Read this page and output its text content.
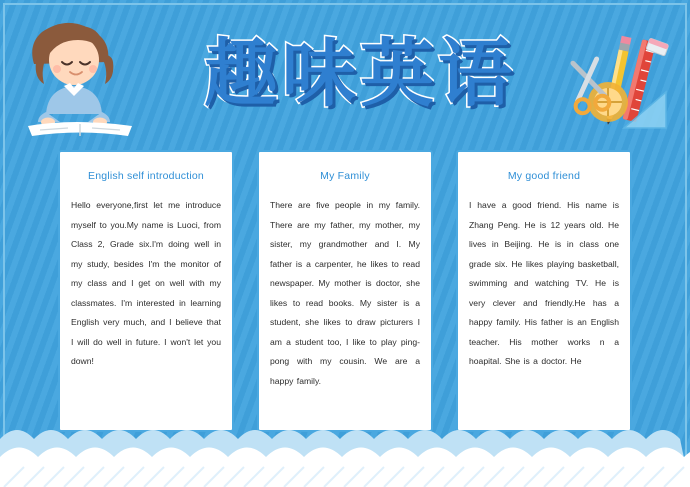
趣味英语
English self introduction
Hello everyone,first let me introduce myself to you.My name is Luoci, from Class 2, Grade six.I'm doing well in my study, besides I'm the monitor of my class and I get on well with my classmates. I'm interested in learning English very much, and I believe that I will do well in future. I won't let you down!
My Family
There are five people in my family. There are my father, my mother, my sister, my grandmother and I. My father is a carpenter, he likes to read newspaper. My mother is doctor, she likes to read books. My sister is a student, she likes to draw picturers I am a student too, I like to play ping-pong with my cousin. We are a happy family.
My good friend
I have a good friend. His name is Zhang Peng. He is 12 years old. He lives in Beijing. He is in class one grade six. He likes playing basketball, swimming and watching TV. He is very clever and friendly.He has a happy family. His father is an English teacher. His mother works n a hoapital. She is a doctor. He
